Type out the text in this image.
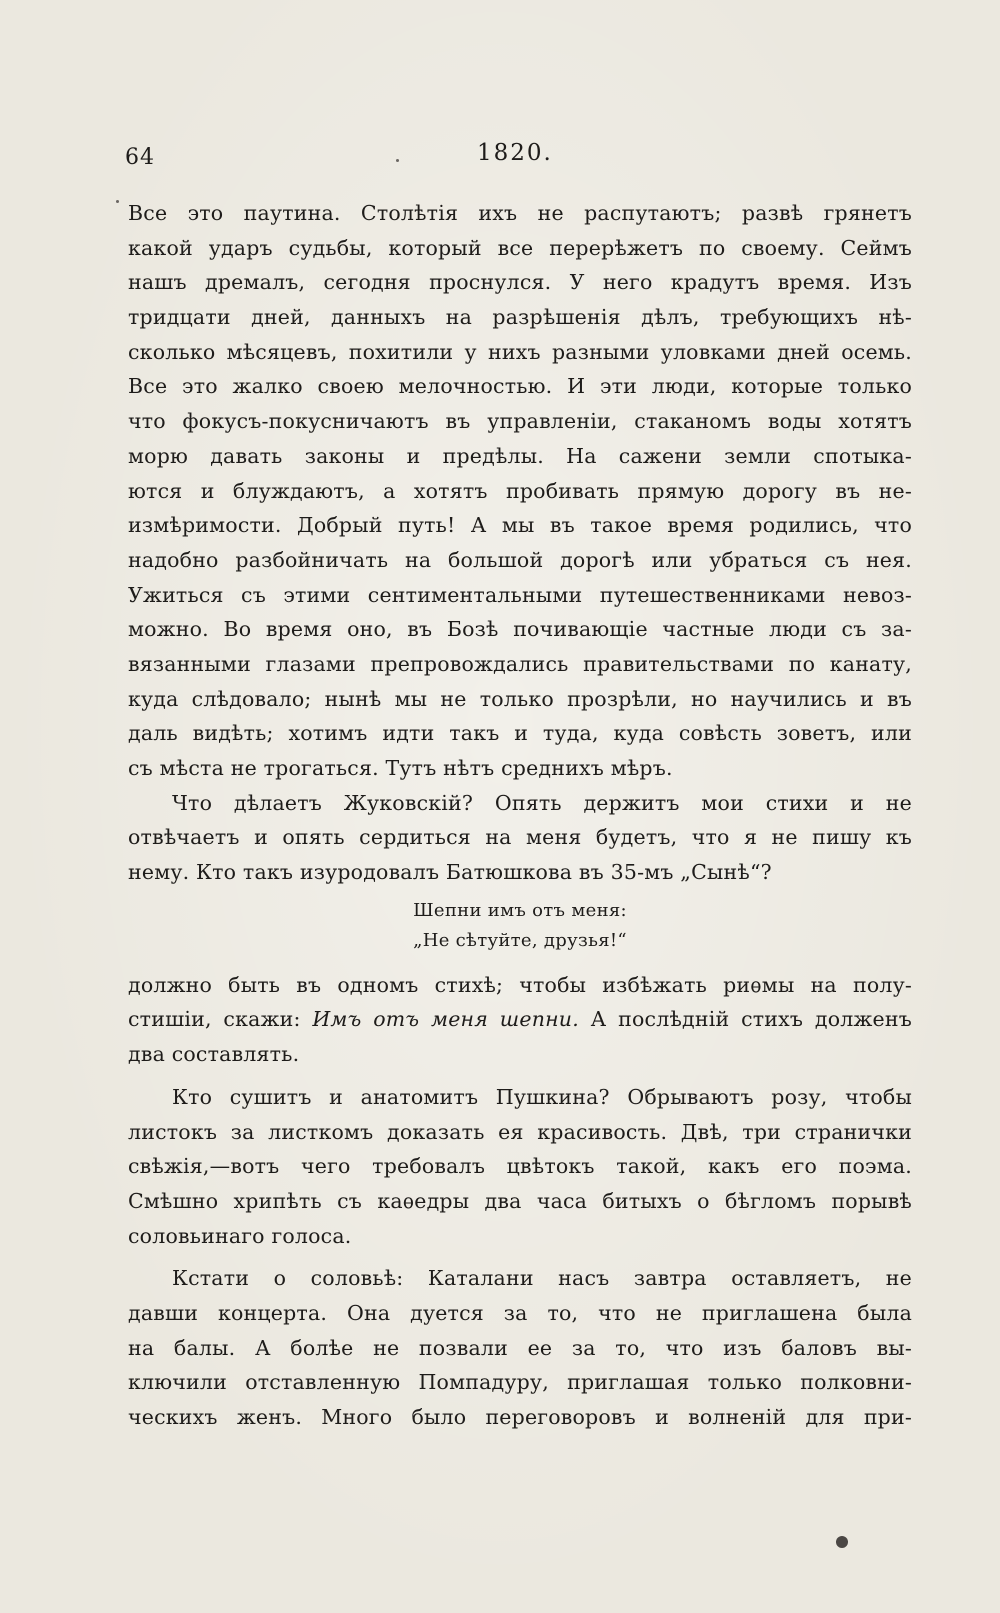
64	1820.
Все это паутина. Столѣтія ихъ не распутаютъ; развѣ грянетъ
какой ударъ судьбы, который все перерѣжетъ по своему. Сеймъ
нашъ дремалъ, сегодня проснулся. У него крадутъ время. Изъ
тридцати дней, данныхъ на разрѣшенія дѣлъ, требующихъ нѣ-
сколько мѣсяцевъ, похитили у нихъ разными уловками дней осемь.
Все это жалко своею мелочностью. И эти люди, которые только
что фокусъ-покусничаютъ въ управленіи, стаканомъ воды хотятъ
морю давать законы и предѣлы. На сажени земли спотыка-
ются и блуждаютъ, а хотятъ пробивать прямую дорогу въ не-
измѣримости. Добрый путь! А мы въ такое время родились, что
надобно разбойничать на большой дорогѣ или убраться съ нея.
Ужиться съ этими сентиментальными путешественниками невоз-
можно. Во время оно, въ Бозѣ почивающіе частные люди съ за-
вязанными глазами препровождались правительствами по канату,
куда слѣдовало; нынѣ мы не только прозрѣли, но научились и въ
даль видѣть; хотимъ идти такъ и туда, куда совѣсть зоветъ, или
съ мѣста не трогаться. Тутъ нѣтъ среднихъ мѣръ.
Что дѣлаетъ Жуковскій? Опять держитъ мои стихи и не
отвѣчаетъ и опять сердиться на меня будетъ, что я не пишу къ
нему. Кто такъ изуродовалъ Батюшкова въ 35-мъ „Сынѣ“?
Шепни имъ отъ меня:
„Не сѣтуйте, друзья!“
должно быть въ одномъ стихѣ; чтобы избѣжать риѳмы на полу-
стишіи, скажи: Имъ отъ меня шепни. А послѣдній стихъ долженъ
два составлять.
Кто сушитъ и анатомитъ Пушкина? Обрываютъ розу, чтобы
листокъ за листкомъ доказать ея красивость. Двѣ, три странички
свѣжія,—вотъ чего требовалъ цвѣтокъ такой, какъ его поэма.
Смѣшно хрипѣть съ каѳедры два часа битыхъ о бѣгломъ порывѣ
соловьинаго голоса.
Кстати о соловьѣ: Каталани насъ завтра оставляетъ, не
давши концерта. Она дуется за то, что не приглашена была
на балы. А болѣе не позвали ее за то, что изъ баловъ вы-
ключили отставленную Помпадуру, приглашая только полковни-
ческихъ женъ. Много было переговоровъ и волненій для при-
